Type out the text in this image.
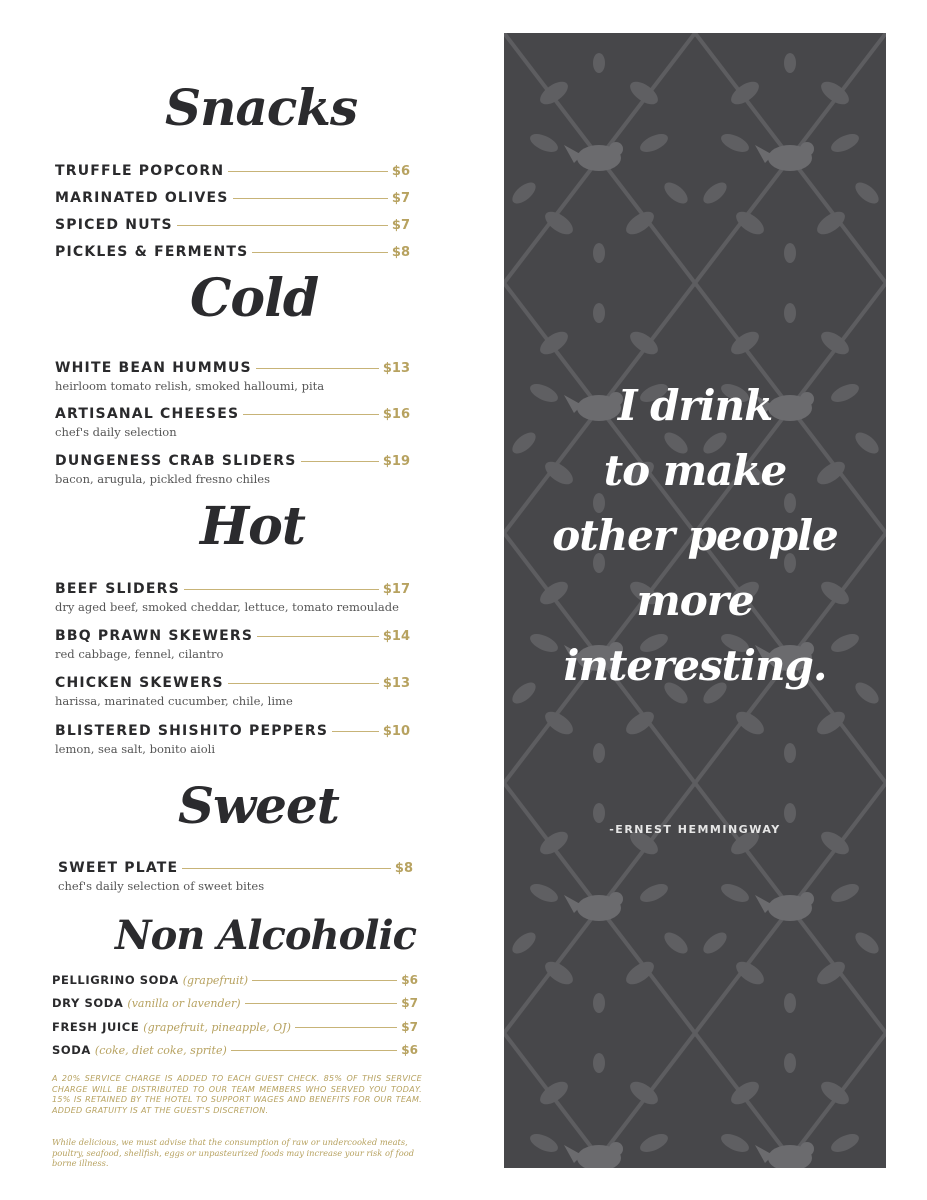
Snacks
TRUFFLE POPCORN	$6
MARINATED OLIVES	$7
SPICED NUTS	$7
PICKLES & FERMENTS	$8
Cold
WHITE BEAN HUMMUS	$13
heirloom tomato relish, smoked halloumi, pita
ARTISANAL CHEESES	$16
chef's daily selection
DUNGENESS CRAB SLIDERS	$19
bacon, arugula, pickled fresno chiles
Hot
BEEF SLIDERS	$17
dry aged beef, smoked cheddar, lettuce, tomato remoulade
BBQ PRAWN SKEWERS	$14
red cabbage, fennel, cilantro
CHICKEN SKEWERS	$13
harissa, marinated cucumber, chile, lime
BLISTERED SHISHITO PEPPERS	$10
lemon, sea salt, bonito aioli
Sweet
SWEET PLATE	$8
chef's daily selection of sweet bites
Non Alcoholic
PELLIGRINO SODA (grapefruit)	$6
DRY SODA (vanilla or lavender)	$7
FRESH JUICE (grapefruit, pineapple, OJ)	$7
SODA (coke, diet coke, sprite)	$6
A 20% SERVICE CHARGE IS ADDED TO EACH GUEST CHECK. 85% OF THIS SERVICE CHARGE WILL BE DISTRIBUTED TO OUR TEAM MEMBERS WHO SERVED YOU TODAY. 15% IS RETAINED BY THE HOTEL TO SUPPORT WAGES AND BENEFITS FOR OUR TEAM. ADDED GRATUITY IS AT THE GUEST'S DISCRETION.
While delicious, we must advise that the consumption of raw or undercooked meats, poultry, seafood, shellfish, eggs or unpasteurized foods may increase your risk of food borne illness.
I drink
to make
other people
more
interesting.
-ERNEST HEMMINGWAY
